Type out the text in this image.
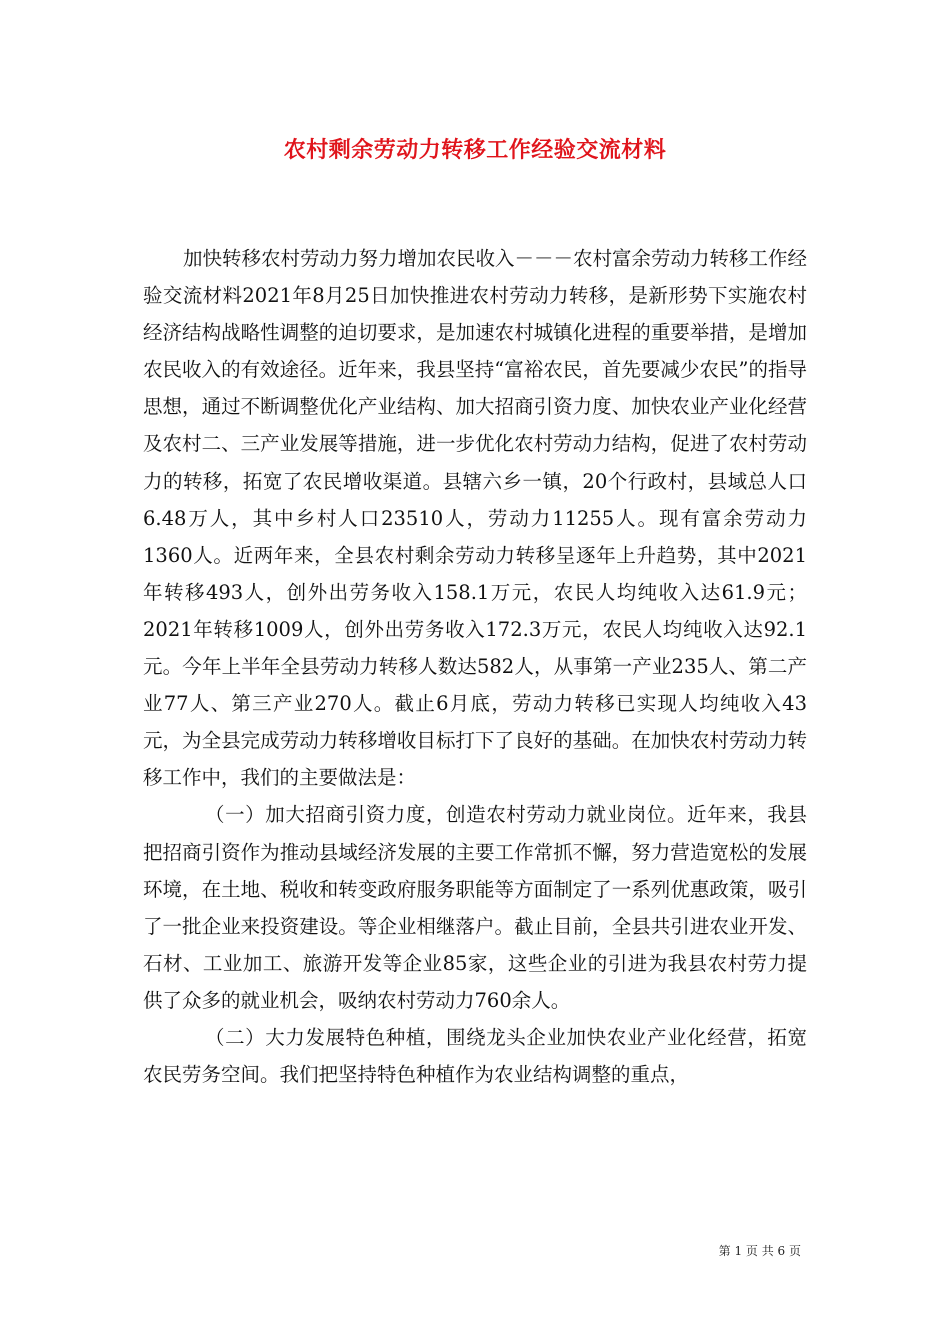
农村剩余劳动力转移工作经验交流材料

加快转移农村劳动力努力增加农民收入－－－农村富余劳动力转移工作经验交流材料2021年8月25日加快推进农村劳动力转移，是新形势下实施农村经济结构战略性调整的迫切要求，是加速农村城镇化进程的重要举措，是增加农民收入的有效途径。近年来，我县坚持“富裕农民，首先要减少农民”的指导思想，通过不断调整优化产业结构、加大招商引资力度、加快农业产业化经营及农村二、三产业发展等措施，进一步优化农村劳动力结构，促进了农村劳动力的转移，拓宽了农民增收渠道。县辖六乡一镇，20个行政村，县域总人口6.48万人，其中乡村人口23510人，劳动力11255人。现有富余劳动力1360人。近两年来，全县农村剩余劳动力转移呈逐年上升趋势，其中2021年转移493人，创外出劳务收入158.1万元，农民人均纯收入达61.9元；2021年转移1009人，创外出劳务收入172.3万元，农民人均纯收入达92.1元。今年上半年全县劳动力转移人数达582人，从事第一产业235人、第二产业77人、第三产业270人。截止6月底，劳动力转移已实现人均纯收入43元，为全县完成劳动力转移增收目标打下了良好的基础。在加快农村劳动力转移工作中，我们的主要做法是：

（一）加大招商引资力度，创造农村劳动力就业岗位。近年来，我县把招商引资作为推动县域经济发展的主要工作常抓不懈，努力营造宽松的发展环境，在土地、税收和转变政府服务职能等方面制定了一系列优惠政策，吸引了一批企业来投资建设。等企业相继落户。截止目前，全县共引进农业开发、石材、工业加工、旅游开发等企业85家，这些企业的引进为我县农村劳力提供了众多的就业机会，吸纳农村劳动力760余人。

（二）大力发展特色种植，围绕龙头企业加快农业产业化经营，拓宽农民劳务空间。我们把坚持特色种植作为农业结构调整的重点，

第 1 页 共 6 页
